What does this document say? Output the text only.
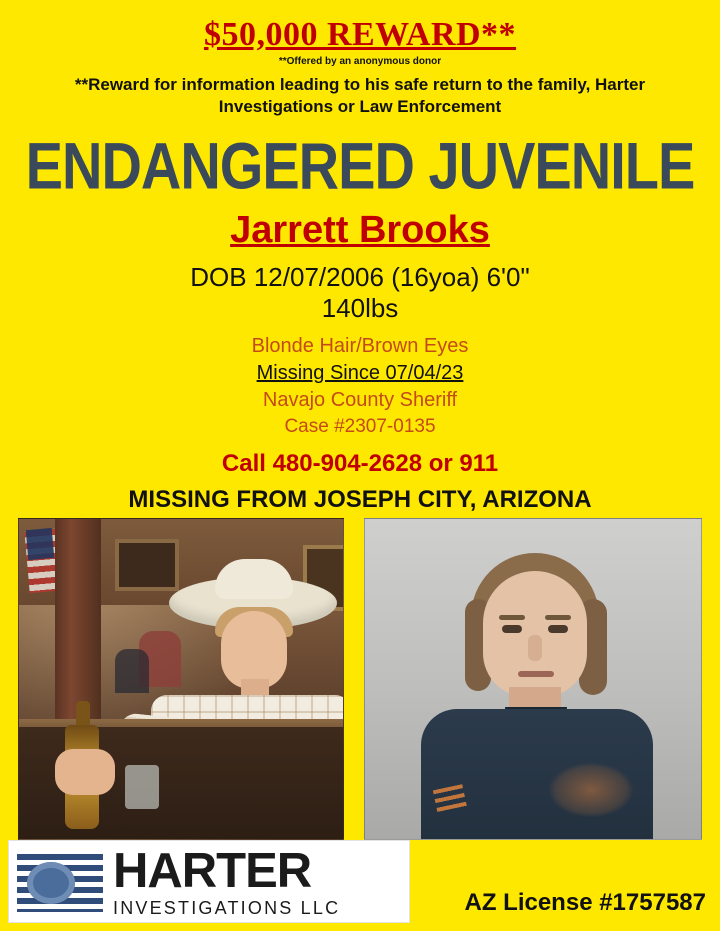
$50,000 REWARD**
**Offered by an anonymous donor
**Reward for information leading to his safe return to the family, Harter Investigations or Law Enforcement
ENDANGERED JUVENILE
Jarrett Brooks
DOB 12/07/2006 (16yoa) 6'0"
140lbs
Blonde Hair/Brown Eyes
Missing Since 07/04/23
Navajo County Sheriff
Case #2307-0135
Call 480-904-2628 or 911
MISSING FROM JOSEPH CITY, ARIZONA
HARTER
INVESTIGATIONS LLC	AZ License #1757587
